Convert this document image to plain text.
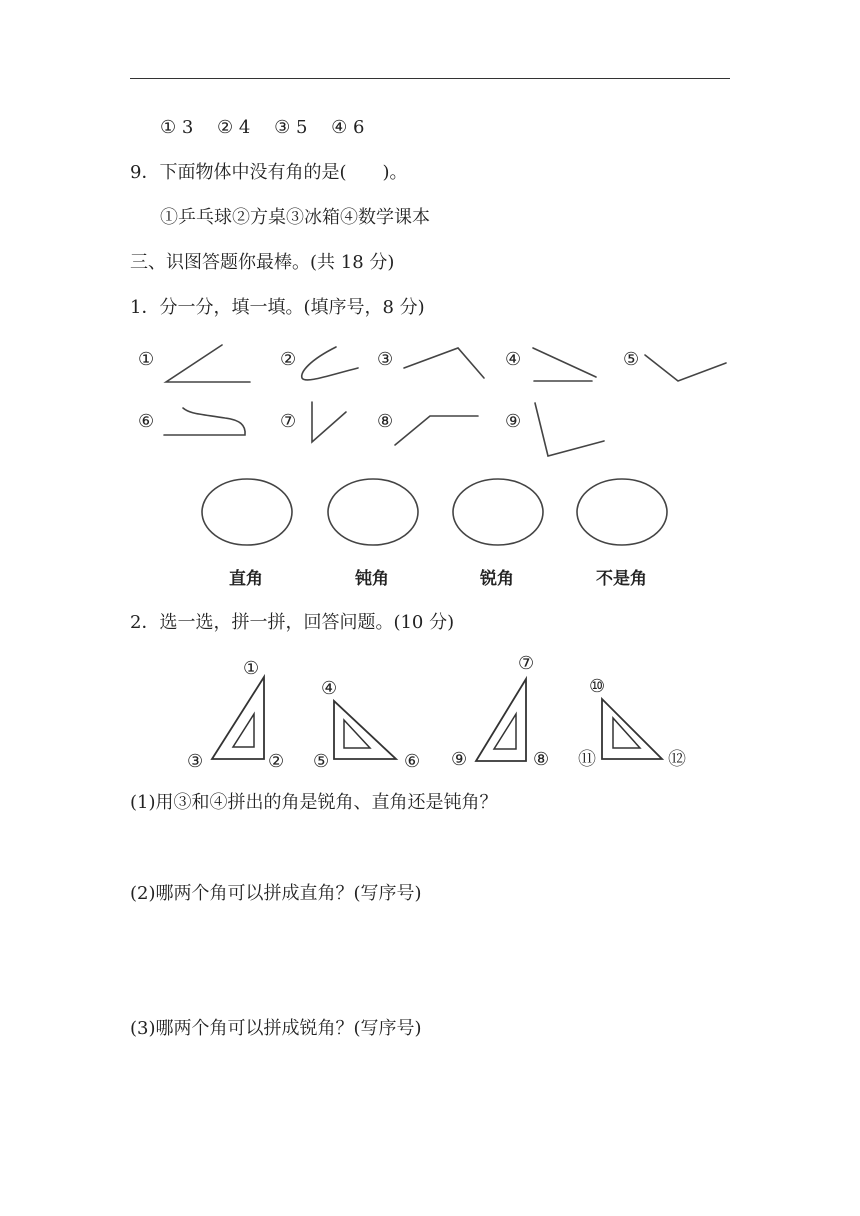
① 3 ② 4 ③ 5 ④ 6
9．下面物体中没有角的是(　　)。
①乒乓球②方桌③冰箱④数学课本
三、识图答题你最棒。(共 18 分)
1．分一分，填一填。(填序号，8 分)
①	②	③	④	⑤
⑥	⑦	⑧	⑨
直角	钝角	锐角	不是角
2．选一选，拼一拼，回答问题。(10 分)
①
②
③
④
⑤	⑥
⑦
⑧
⑨
⑩
⑪	⑫
(1)用③和④拼出的角是锐角、直角还是钝角？
(2)哪两个角可以拼成直角？(写序号)
(3)哪两个角可以拼成锐角？(写序号)
